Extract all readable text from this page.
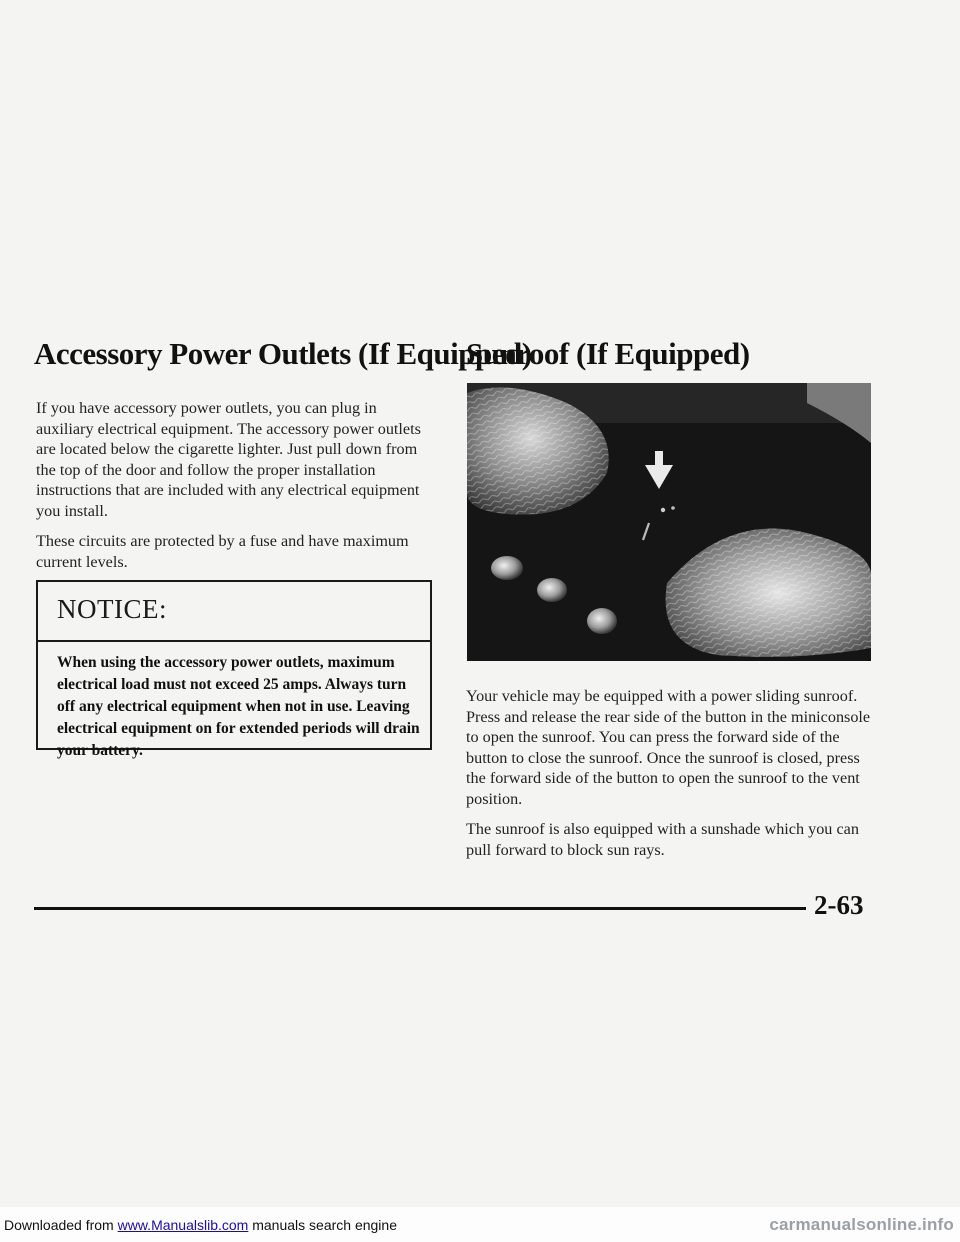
Accessory Power Outlets (If Equipped)

If you have accessory power outlets, you can plug in auxiliary electrical equipment. The accessory power outlets are located below the cigarette lighter. Just pull down from the top of the door and follow the proper installation instructions that are included with any electrical equipment you install.

These circuits are protected by a fuse and have maximum current levels.

NOTICE:
When using the accessory power outlets, maximum electrical load must not exceed 25 amps. Always turn off any electrical equipment when not in use. Leaving electrical equipment on for extended periods will drain your battery.
Sunroof (If Equipped)

Your vehicle may be equipped with a power sliding sunroof. Press and release the rear side of the button in the miniconsole to open the sunroof. You can press the forward side of the button to close the sunroof. Once the sunroof is closed, press the forward side of the button to open the sunroof to the vent position.

The sunroof is also equipped with a sunshade which you can pull forward to block sun rays.

2-63
Downloaded from www.Manualslib.com manuals search engine	carmanualsonline.info
